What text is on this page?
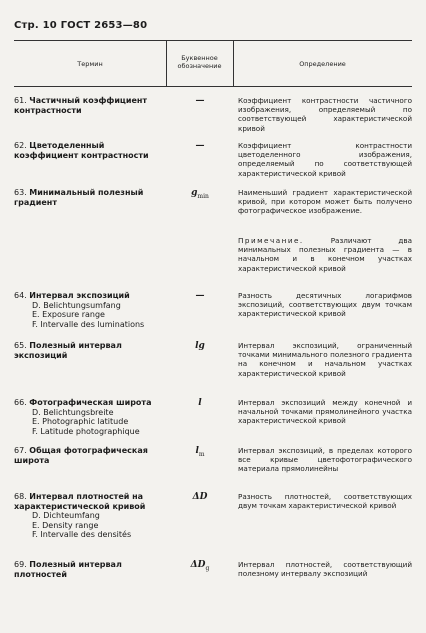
Стр. 10 ГОСТ 2653—80
Термин
Буквенное
обозначение	Определение
61. Частичный коэффициент контрастности
—	Коэффициент контрастности частичного изображения, определяемый по соответствующей характеристической кривой
62. Цветоделенный коэффициент контрастности
—	Коэффициент контрастности цветоделенного изображения, определяемый по соответствующей характеристической кривой
63. Минимальный полезный градиент
$g_{min}$	Наименьший градиент характеристической кривой, при котором может быть получено фотографическое изображение.
Примечание.	Различают два минимальных полезных градиента — в начальном и в конечном участках характеристической кривой
64. Интервал экспозиций
D. Belichtungsumfang
E. Exposure range
F. Intervalle des luminations
—	Разность десятичных логарифмов экспозиций, соответствующих двум точкам характеристической кривой
65. Полезный интервал экспозиций
lg	Интервал экспозиций, ограниченный точками минимального полезного градиента на конечном и начальном участках характеристической кривой
66. Фотографическая широта
D. Belichtungsbreite
E. Photographic latitude
F. Latitude photographique
l	Интервал экспозиций между конечной и начальной точками прямолинейного участка характеристической кривой
67. Общая фотографическая широта
$l_m$	Интервал экспозиций, в пределах которого все кривые цветофотографического материала прямолинейны
68. Интервал плотностей на характеристической кривой
D. Dichteumfang
E. Density range
F. Intervalle des densités
ΔD	Разность плотностей, соответствующих двум точкам характеристической кривой
69. Полезный интервал плотностей
$\Delta D_g$	Интервал плотностей, соответствующий полезному интервалу экспозиций
